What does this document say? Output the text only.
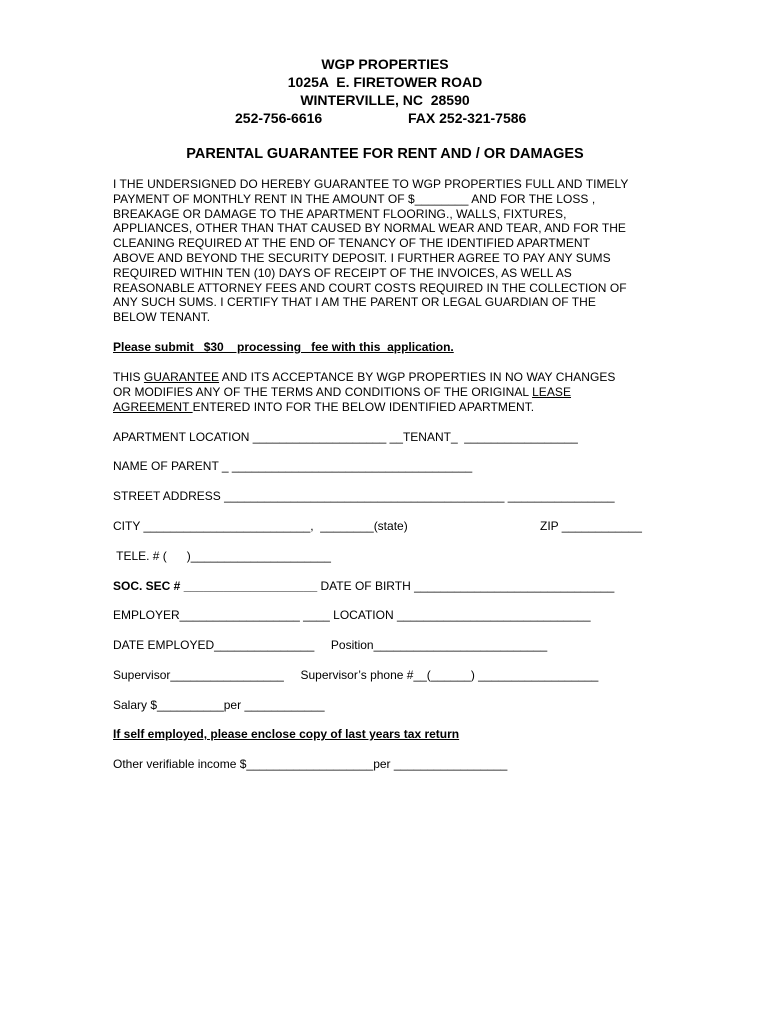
WGP PROPERTIES
1025A  E. FIRETOWER ROAD
WINTERVILLE, NC  28590
252-756-6616	FAX 252-321-7586
PARENTAL GUARANTEE FOR RENT AND / OR DAMAGES
I THE UNDERSIGNED DO HEREBY GUARANTEE TO WGP PROPERTIES FULL AND TIMELY
PAYMENT OF MONTHLY RENT IN THE AMOUNT OF $________ AND FOR THE LOSS ,
BREAKAGE OR DAMAGE TO THE APARTMENT FLOORING., WALLS, FIXTURES,
APPLIANCES, OTHER THAN THAT CAUSED BY NORMAL WEAR AND TEAR, AND FOR THE
CLEANING REQUIRED AT THE END OF TENANCY OF THE IDENTIFIED APARTMENT
ABOVE AND BEYOND THE SECURITY DEPOSIT. I FURTHER AGREE TO PAY ANY SUMS
REQUIRED WITHIN TEN (10) DAYS OF RECEIPT OF THE INVOICES, AS WELL AS
REASONABLE ATTORNEY FEES AND COURT COSTS REQUIRED IN THE COLLECTION OF
ANY SUCH SUMS. I CERTIFY THAT I AM THE PARENT OR LEGAL GUARDIAN OF THE
BELOW TENANT.
Please submit   $30    processing   fee with this  application.
THIS GUARANTEE AND ITS ACCEPTANCE BY WGP PROPERTIES IN NO WAY CHANGES
OR MODIFIES ANY OF THE TERMS AND CONDITIONS OF THE ORIGINAL LEASE
AGREEMENT ENTERED INTO FOR THE BELOW IDENTIFIED APARTMENT.
APARTMENT LOCATION ____________________ __TENANT_  _________________
NAME OF PARENT _ ____________________________________
STREET ADDRESS __________________________________________ ________________
CITY _________________________,  ________(state)	ZIP ____________
TELE. # (      )_____________________
SOC. SEC # ____________________ DATE OF BIRTH ______________________________
EMPLOYER__________________ ____ LOCATION _____________________________
DATE EMPLOYED_______________     Position__________________________
Supervisor_________________     Supervisor’s phone #__(______) __________________
Salary $__________per ____________
If self employed, please enclose copy of last years tax return
Other verifiable income $___________________per _________________
